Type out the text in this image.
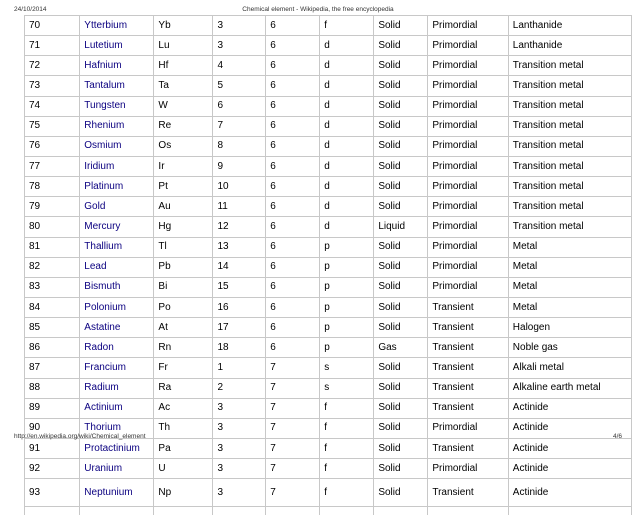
24/10/2014	Chemical element - Wikipedia, the free encyclopedia
70	Ytterbium	Yb	3	6	f	Solid	Primordial	Lanthanide
71	Lutetium	Lu	3	6	d	Solid	Primordial	Lanthanide
72	Hafnium	Hf	4	6	d	Solid	Primordial	Transition metal
73	Tantalum	Ta	5	6	d	Solid	Primordial	Transition metal
74	Tungsten	W	6	6	d	Solid	Primordial	Transition metal
75	Rhenium	Re	7	6	d	Solid	Primordial	Transition metal
76	Osmium	Os	8	6	d	Solid	Primordial	Transition metal
77	Iridium	Ir	9	6	d	Solid	Primordial	Transition metal
78	Platinum	Pt	10	6	d	Solid	Primordial	Transition metal
79	Gold	Au	11	6	d	Solid	Primordial	Transition metal
80	Mercury	Hg	12	6	d	Liquid	Primordial	Transition metal
81	Thallium	Tl	13	6	p	Solid	Primordial	Metal
82	Lead	Pb	14	6	p	Solid	Primordial	Metal
83	Bismuth	Bi	15	6	p	Solid	Primordial	Metal
84	Polonium	Po	16	6	p	Solid	Transient	Metal
85	Astatine	At	17	6	p	Solid	Transient	Halogen
86	Radon	Rn	18	6	p	Gas	Transient	Noble gas
87	Francium	Fr	1	7	s	Solid	Transient	Alkali metal
88	Radium	Ra	2	7	s	Solid	Transient	Alkaline earth metal
89	Actinium	Ac	3	7	f	Solid	Transient	Actinide
90	Thorium	Th	3	7	f	Solid	Primordial	Actinide
91	Protactinium	Pa	3	7	f	Solid	Transient	Actinide
92	Uranium	U	3	7	f	Solid	Primordial	Actinide
93	Neptunium	Np	3	7	f	Solid	Transient	Actinide

http://en.wikipedia.org/wiki/Chemical_element	4/6
